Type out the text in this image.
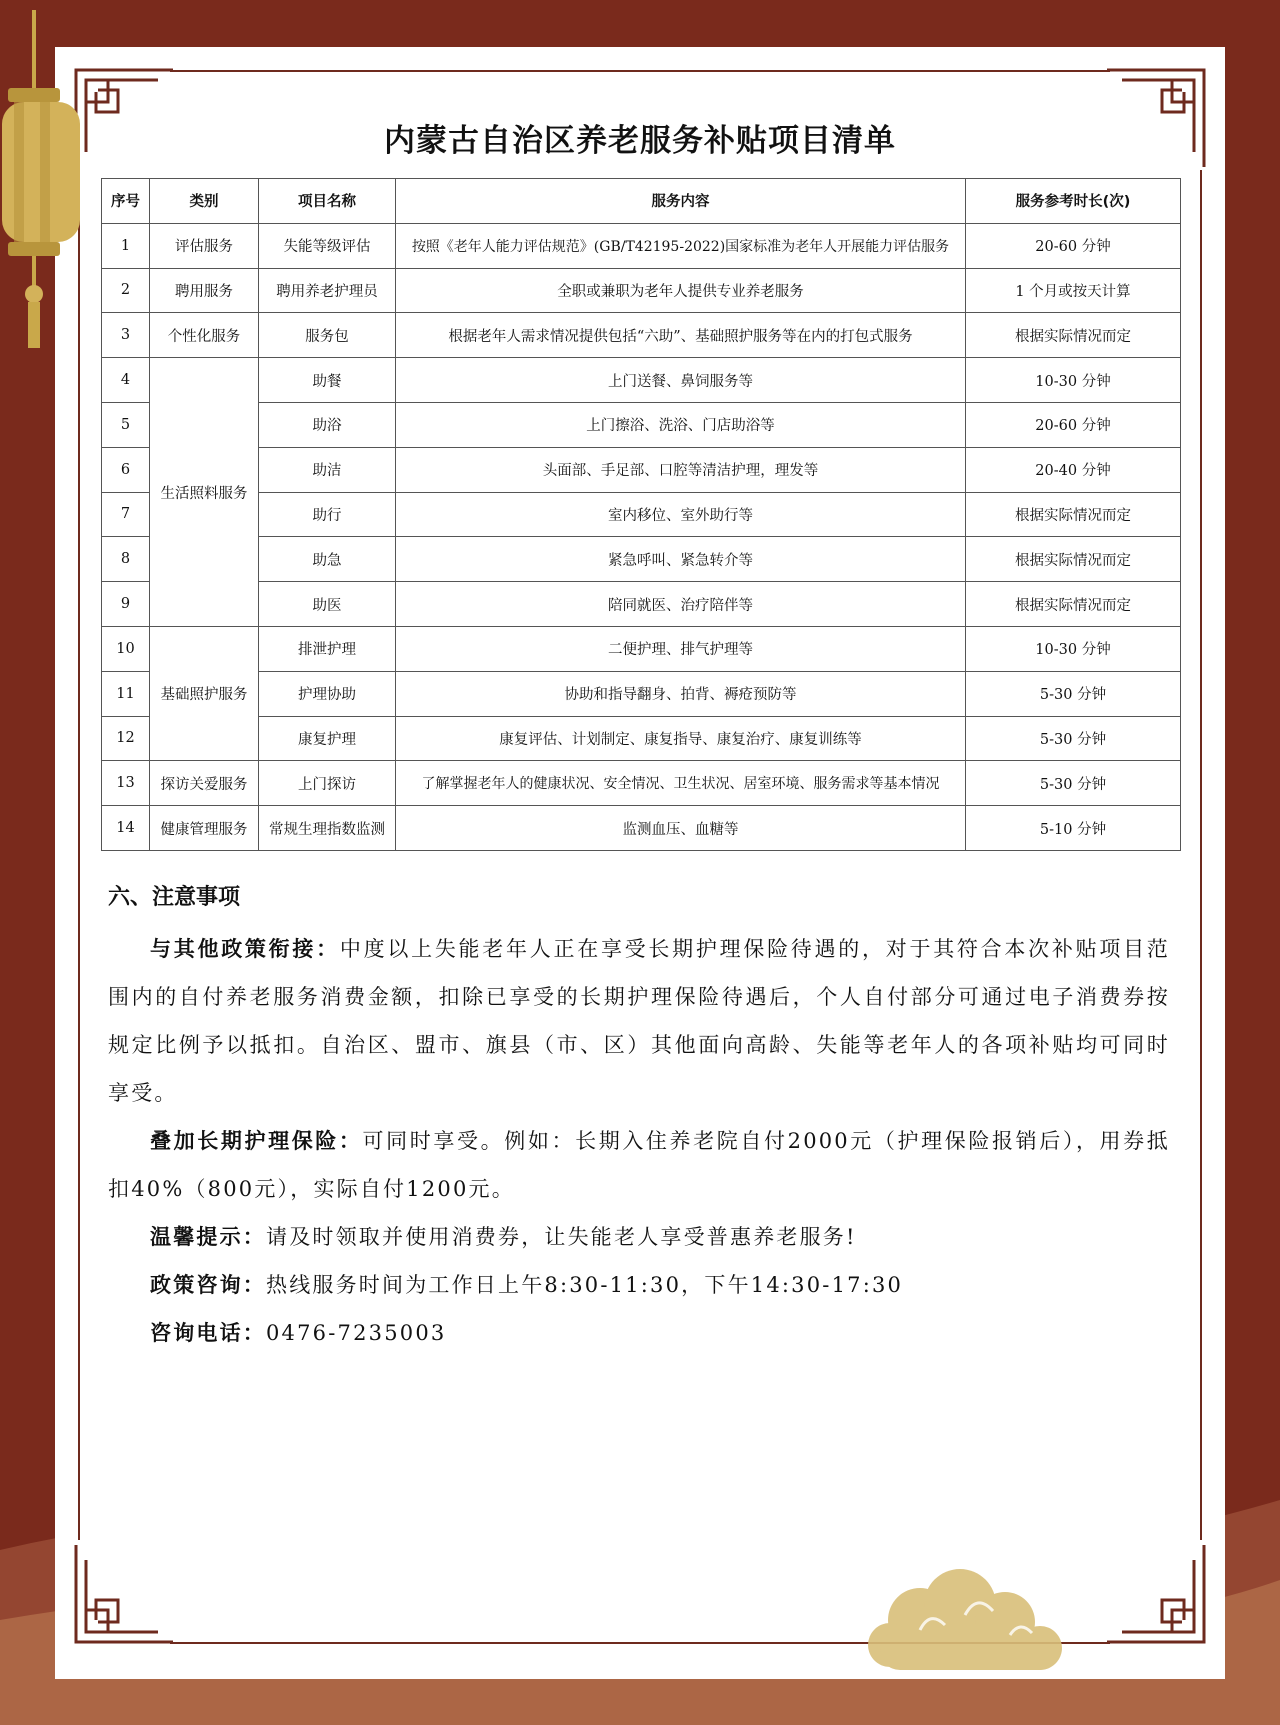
内蒙古自治区养老服务补贴项目清单
序号	类别	项目名称	服务内容	服务参考时长(次)
1	评估服务	失能等级评估	按照《老年人能力评估规范》(GB/T42195-2022)国家标准为老年人开展能力评估服务	20-60 分钟
2	聘用服务	聘用养老护理员	全职或兼职为老年人提供专业养老服务	1 个月或按天计算
3	个性化服务	服务包	根据老年人需求情况提供包括“六助”、基础照护服务等在内的打包式服务	根据实际情况而定
4	生活照料服务	助餐	上门送餐、鼻饲服务等	10-30 分钟
5		助浴	上门擦浴、洗浴、门店助浴等	20-60 分钟
6		助洁	头面部、手足部、口腔等清洁护理，理发等	20-40 分钟
7		助行	室内移位、室外助行等	根据实际情况而定
8		助急	紧急呼叫、紧急转介等	根据实际情况而定
9		助医	陪同就医、治疗陪伴等	根据实际情况而定
10	基础照护服务	排泄护理	二便护理、排气护理等	10-30 分钟
11		护理协助	协助和指导翻身、拍背、褥疮预防等	5-30 分钟
12		康复护理	康复评估、计划制定、康复指导、康复治疗、康复训练等	5-30 分钟
13	探访关爱服务	上门探访	了解掌握老年人的健康状况、安全情况、卫生状况、居室环境、服务需求等基本情况	5-30 分钟
14	健康管理服务	常规生理指数监测	监测血压、血糖等	5-10 分钟
六、注意事项

与其他政策衔接：中度以上失能老年人正在享受长期护理保险待遇的，对于其符合本次补贴项目范围内的自付养老服务消费金额，扣除已享受的长期护理保险待遇后，个人自付部分可通过电子消费券按规定比例予以抵扣。自治区、盟市、旗县（市、区）其他面向高龄、失能等老年人的各项补贴均可同时享受。

叠加长期护理保险：可同时享受。例如：长期入住养老院自付2000元（护理保险报销后），用券抵扣40%（800元），实际自付1200元。

温馨提示：请及时领取并使用消费券，让失能老人享受普惠养老服务!

政策咨询：热线服务时间为工作日上午8:30-11:30，下午14:30-17:30

咨询电话：0476-7235003
